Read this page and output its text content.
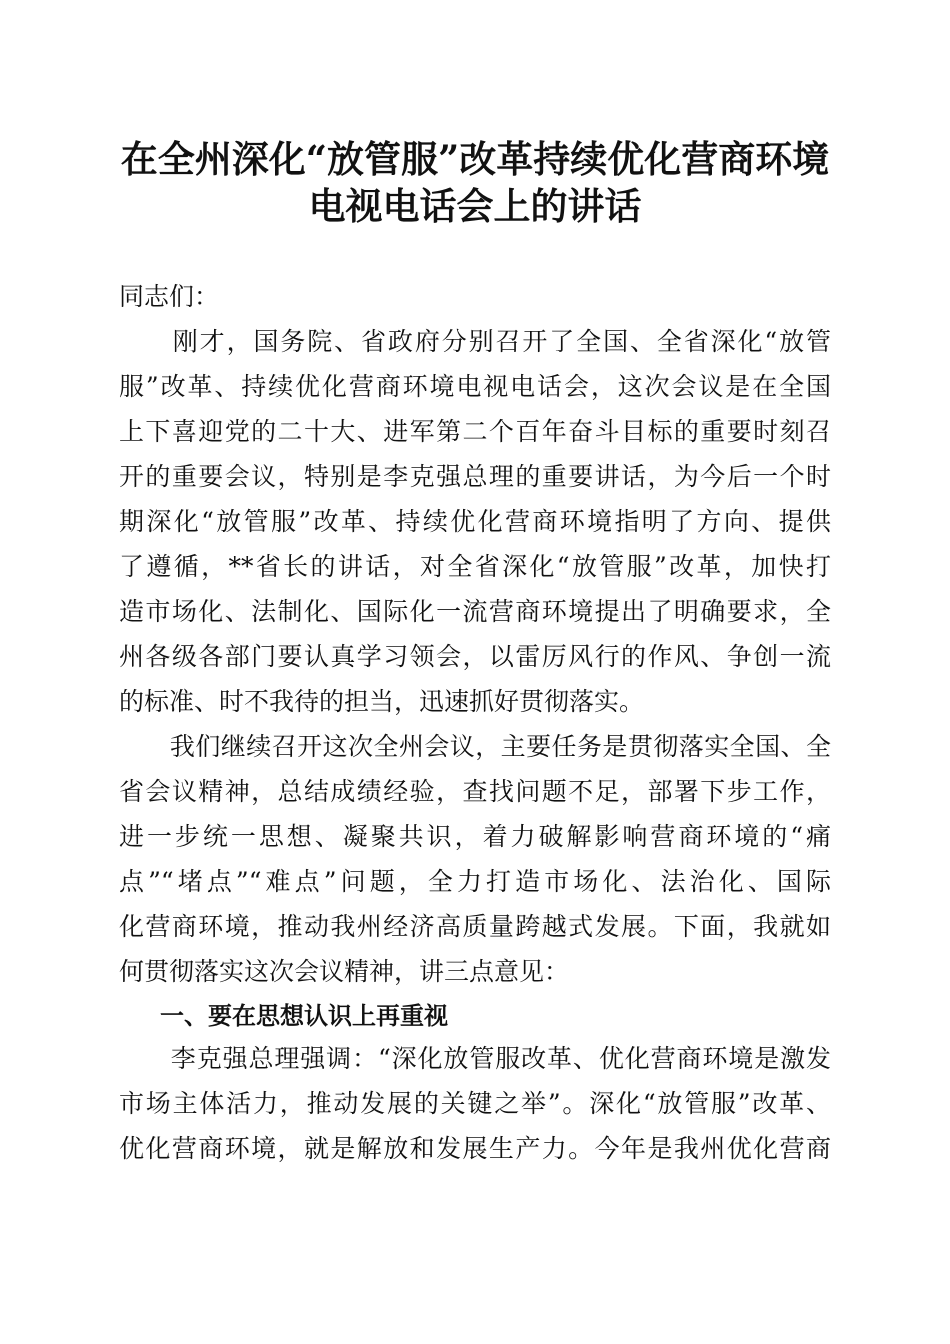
在全州深化“放管服”改革持续优化营商环境
电视电话会上的讲话
同志们：
　　刚才，国务院、省政府分别召开了全国、全省深化“放管
服”改革、持续优化营商环境电视电话会，这次会议是在全国
上下喜迎党的二十大、进军第二个百年奋斗目标的重要时刻召
开的重要会议，特别是李克强总理的重要讲话，为今后一个时
期深化“放管服”改革、持续优化营商环境指明了方向、提供
了遵循，**省长的讲话，对全省深化“放管服”改革，加快打
造市场化、法制化、国际化一流营商环境提出了明确要求，全
州各级各部门要认真学习领会，以雷厉风行的作风、争创一流
的标准、时不我待的担当，迅速抓好贯彻落实。
　　我们继续召开这次全州会议，主要任务是贯彻落实全国、全
省会议精神，总结成绩经验，查找问题不足，部署下步工作，
进一步统一思想、凝聚共识，着力破解影响营商环境的“痛
点”“堵点”“难点”问题，全力打造市场化、法治化、国际
化营商环境，推动我州经济高质量跨越式发展。下面，我就如
何贯彻落实这次会议精神，讲三点意见：
一、要在思想认识上再重视
　　李克强总理强调：“深化放管服改革、优化营商环境是激发
市场主体活力，推动发展的关键之举”。深化“放管服”改革、
优化营商环境，就是解放和发展生产力。今年是我州优化营商
